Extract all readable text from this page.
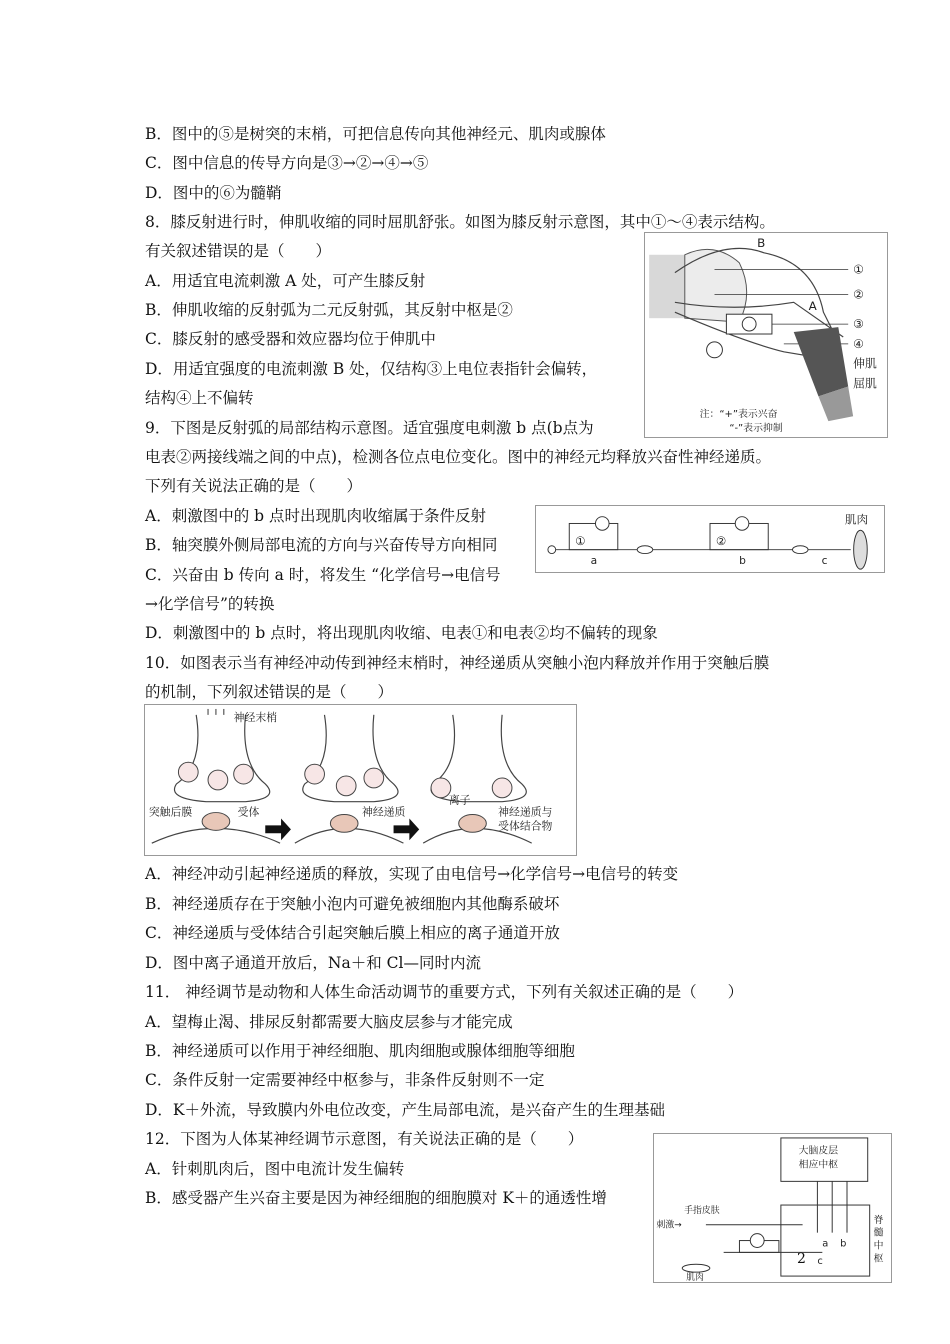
B．图中的⑤是树突的末梢，可把信息传向其他神经元、肌肉或腺体
C．图中信息的传导方向是③→②→④→⑤
D．图中的⑥为髓鞘
8．膝反射进行时，伸肌收缩的同时屈肌舒张。如图为膝反射示意图，其中①～④表示结构。
有关叙述错误的是（　　）
A．用适宜电流刺激 A 处，可产生膝反射
B．伸肌收缩的反射弧为二元反射弧，其反射中枢是②
C．膝反射的感受器和效应器均位于伸肌中
D．用适宜强度的电流刺激 B 处，仅结构③上电位表指针会偏转，
结构④上不偏转
9．下图是反射弧的局部结构示意图。适宜强度电刺激 b 点(b点为
电表②两接线端之间的中点)，检测各位点电位变化。图中的神经元均释放兴奋性神经递质。
下列有关说法正确的是（　　）
A．刺激图中的 b 点时出现肌肉收缩属于条件反射
B．轴突膜外侧局部电流的方向与兴奋传导方向相同
C．兴奋由 b 传向 a 时，将发生 “化学信号→电信号
→化学信号”的转换
D．刺激图中的 b 点时，将出现肌肉收缩、电表①和电表②均不偏转的现象
10．如图表示当有神经冲动传到神经末梢时，神经递质从突触小泡内释放并作用于突触后膜
的机制，下列叙述错误的是（　　）
A．神经冲动引起神经递质的释放，实现了由电信号→化学信号→电信号的转变
B．神经递质存在于突触小泡内可避免被细胞内其他酶系破坏
C．神经递质与受体结合引起突触后膜上相应的离子通道开放
D．图中离子通道开放后，Na＋和 Cl—同时内流
11． 神经调节是动物和人体生命活动调节的重要方式，下列有关叙述正确的是（　　）
A．望梅止渴、排尿反射都需要大脑皮层参与才能完成
B．神经递质可以作用于神经细胞、肌肉细胞或腺体细胞等细胞
C．条件反射一定需要神经中枢参与，非条件反射则不一定
D．K＋外流，导致膜内外电位改变，产生局部电流，是兴奋产生的生理基础
12．下图为人体某神经调节示意图，有关说法正确的是（　　）
A．针刺肌肉后，图中电流计发生偏转
B．感受器产生兴奋主要是因为神经细胞的细胞膜对 K＋的通透性增
B
A
①
②
③
④
伸肌
屈肌
注：“+”表示兴奋
“-”表示抑制
①	②
a	b	c
肌肉
神经末梢
突触后膜	受体	神经递质
离子
神经递质与
受体结合物
大脑皮层
相应中枢
手指皮肤
刺激→
a b
c
脊
髓
中
枢
肌肉
2
